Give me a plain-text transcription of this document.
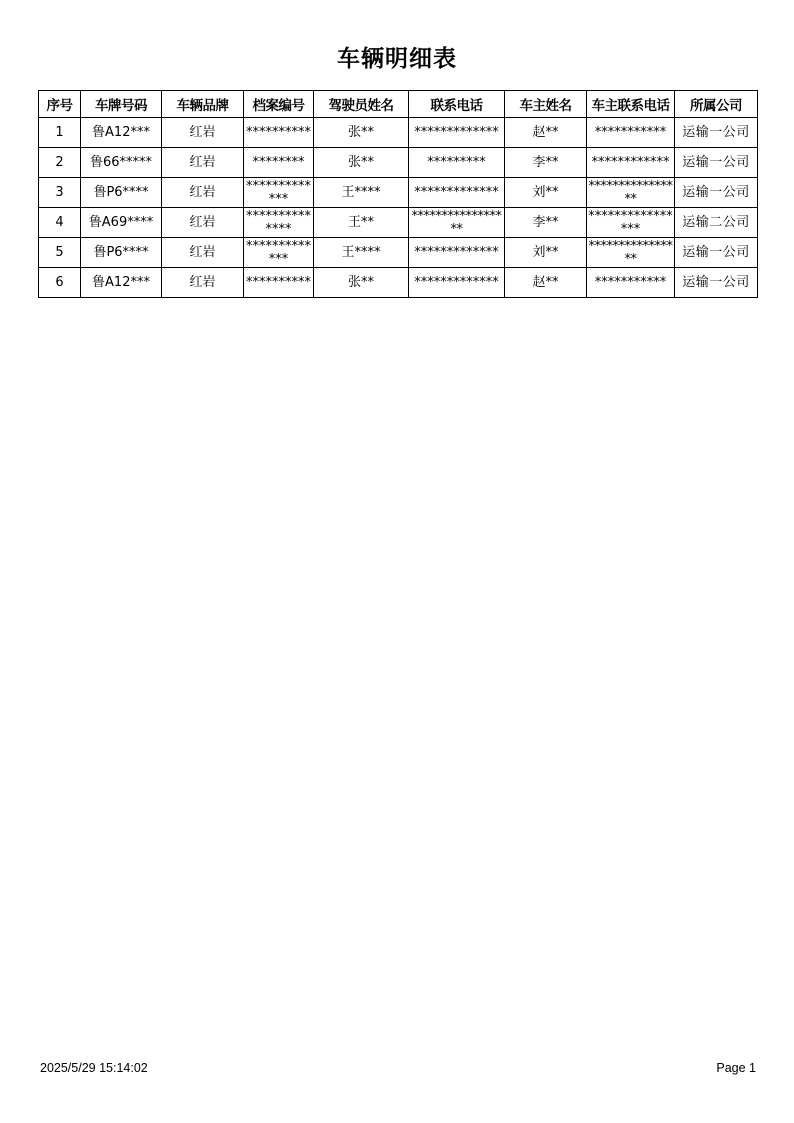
车辆明细表
序号	车牌号码	车辆品牌	档案编号	驾驶员姓名	联系电话	车主姓名	车主联系电话	所属公司
1	鲁A12***	红岩	**********	张**	*************	赵**	***********	运输一公司
2	鲁66*****	红岩	********	张**	*********	李**	************	运输一公司
3	鲁P6****	红岩	*************	王****	*************	刘**	****************	运输一公司
4	鲁A69****	红岩	**************	王**	*****************	李**	****************	运输二公司
5	鲁P6****	红岩	*************	王****	*************	刘**	****************	运输一公司
6	鲁A12***	红岩	**********	张**	*************	赵**	***********	运输一公司
2025/5/29 15:14:02	Page 1
